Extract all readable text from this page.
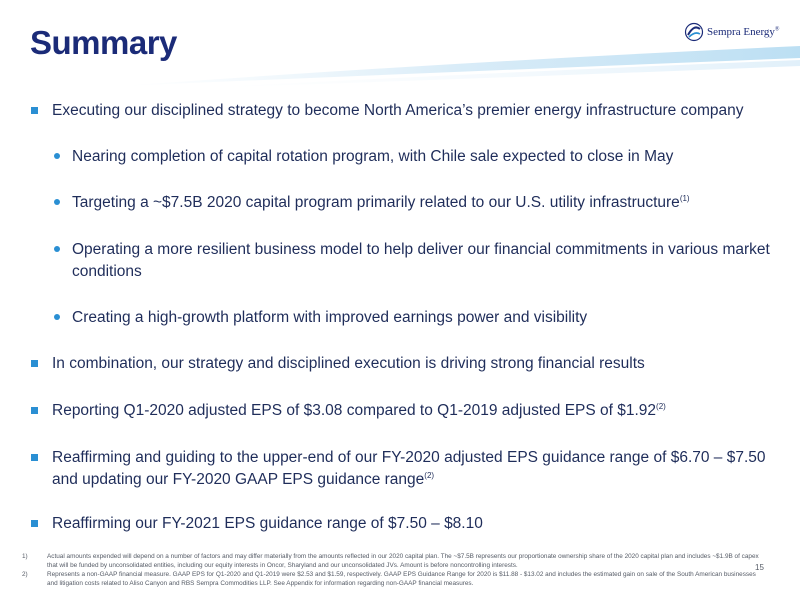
Summary	Sempra Energy®
Executing our disciplined strategy to become North America’s premier energy infrastructure company
Nearing completion of capital rotation program, with Chile sale expected to close in May
Targeting a ~$7.5B 2020 capital program primarily related to our U.S. utility infrastructure$^{(1)}$
Operating a more resilient business model to help deliver our financial commitments in various market conditions
Creating a high-growth platform with improved earnings power and visibility
In combination, our strategy and disciplined execution is driving strong financial results
Reporting Q1-2020 adjusted EPS of $3.08 compared to Q1-2019 adjusted EPS of $1.92$^{(2)}$
Reaffirming and guiding to the upper-end of our FY-2020 adjusted EPS guidance range of $6.70 – $7.50 and updating our FY-2020 GAAP EPS guidance range$^{(2)}$
Reaffirming our FY-2021 EPS guidance range of $7.50 – $8.10
1)	Actual amounts expended will depend on a number of factors and may differ materially from the amounts reflected in our 2020 capital plan. The ~$7.5B represents our proportionate ownership share of the 2020 capital plan and includes ~$1.9B of capex that will be funded by unconsolidated entities, including our equity interests in Oncor, Sharyland and our unconsolidated JVs. Amount is before noncontrolling interests.
2)	Represents a non-GAAP financial measure. GAAP EPS for Q1-2020 and Q1-2019 were $2.53 and $1.59, respectively. GAAP EPS Guidance Range for 2020 is $11.88 - $13.02 and includes the estimated gain on sale of the South American businesses and litigation costs related to Aliso Canyon and RBS Sempra Commodities LLP. See Appendix for information regarding non-GAAP financial measures.
15
